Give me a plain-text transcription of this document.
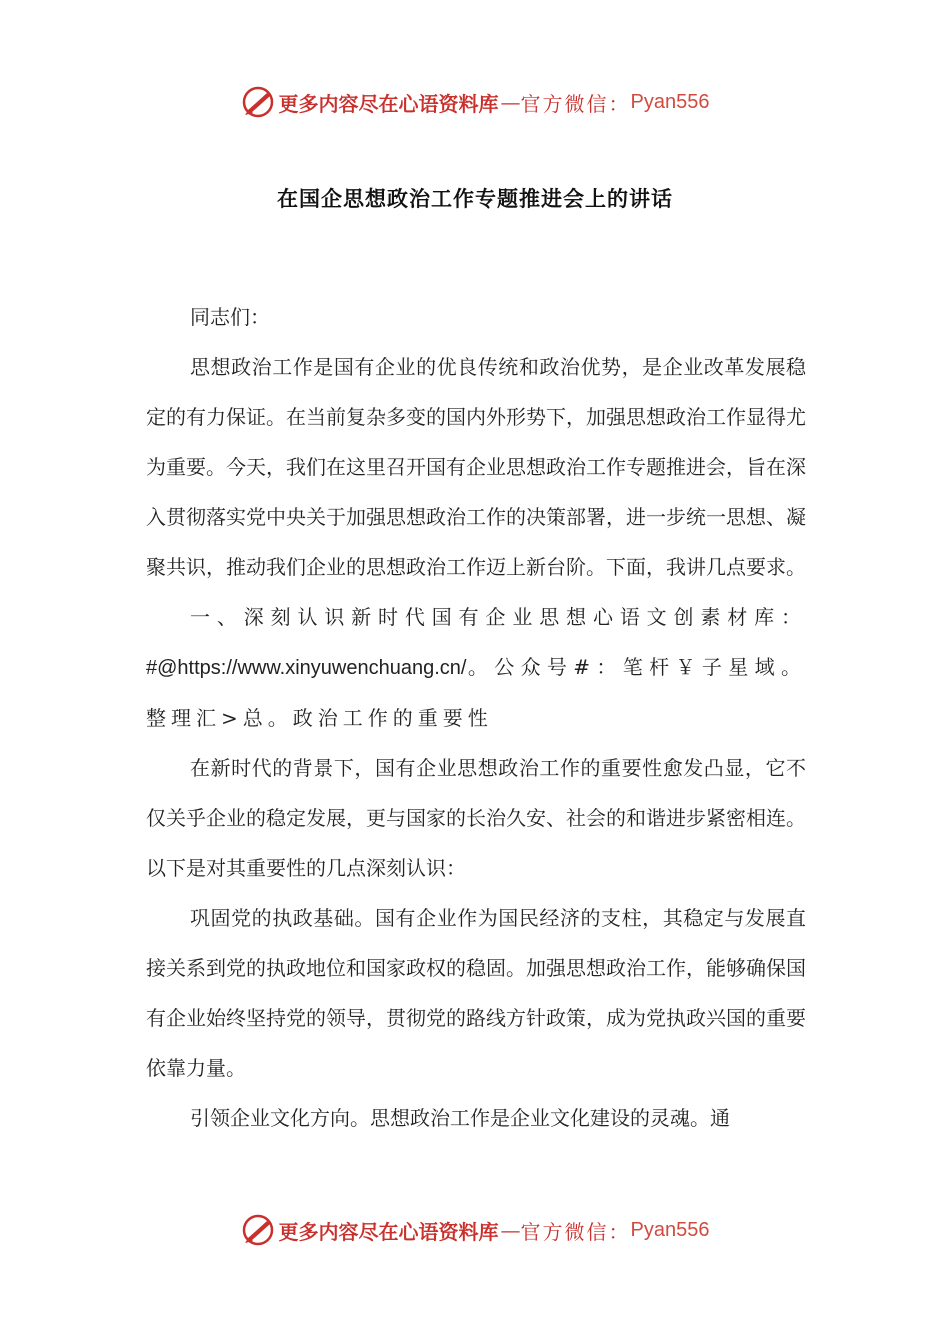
更多内容尽在心语资料库 — 官方微信： Pyan556
在国企思想政治工作专题推进会上的讲话

同志们：

思想政治工作是国有企业的优良传统和政治优势，是企业改革发展稳定的有力保证。在当前复杂多变的国内外形势下，加强思想政治工作显得尤为重要。今天，我们在这里召开国有企业思想政治工作专题推进会，旨在深入贯彻落实党中央关于加强思想政治工作的决策部署，进一步统一思想、凝聚共识，推动我们企业的思想政治工作迈上新台阶。下面，我讲几点要求。

一、深刻认识新时代国有企业思想心语文创素材库：#@https://www.xinyuwenchuang.cn/。公众号#：笔杆￥子星域。整理汇>总。政治工作的重要性

在新时代的背景下，国有企业思想政治工作的重要性愈发凸显，它不仅关乎企业的稳定发展，更与国家的长治久安、社会的和谐进步紧密相连。以下是对其重要性的几点深刻认识：

巩固党的执政基础。国有企业作为国民经济的支柱，其稳定与发展直接关系到党的执政地位和国家政权的稳固。加强思想政治工作，能够确保国有企业始终坚持党的领导，贯彻党的路线方针政策，成为党执政兴国的重要依靠力量。

引领企业文化方向。思想政治工作是企业文化建设的灵魂。通

更多内容尽在心语资料库 — 官方微信： Pyan556
